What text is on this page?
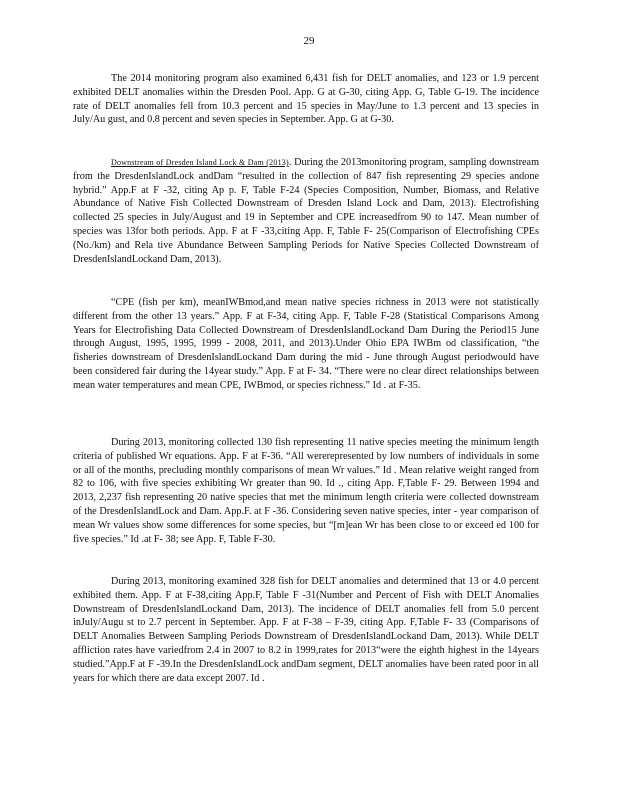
29

The 2014 monitoring program also examined 6,431 fish for DELT anomalies, and 123 or 1.9 percent exhibited DELT anomalies within the Dresden Pool. App. G at G-30, citing App. G, Table G-19. The incidence rate of DELT anomalies fell from 10.3 percent and 15 species in May/June to 1.3 percent and 13 species in July/Au gust, and 0.8 percent and seven species in September. App. G at G-30.

Downstream of Dresden Island Lock & Dam (2013). During the 2013monitoring program, sampling downstream from the DresdenIslandLock andDam “resulted in the collection of 847 fish representing 29 species andone hybrid.” App.F at F -32, citing Ap p. F, Table F-24 (Species Composition, Number, Biomass, and Relative Abundance of Native Fish Collected Downstream of Dresden Island Lock and Dam, 2013). Electrofishing collected 25 species in July/August and 19 in September and CPE increasedfrom 90 to 147. Mean number of species was 13for both periods. App. F at F -33,citing App. F, Table F- 25(Comparison of Electrofishing CPEs (No./km) and Rela tive Abundance Between Sampling Periods for Native Species Collected Downstream of DresdenIslandLockand Dam, 2013).

“CPE (fish per km), meanIWBmod,and mean native species richness in 2013 were not statistically different from the other 13 years.” App. F at F-34, citing App. F, Table F-28 (Statistical Comparisons Among Years for Electrofishing Data Collected Downstream of DresdenIslandLockand Dam During the Period15 June through August, 1995, 1995, 1999 - 2008, 2011, and 2013).Under Ohio EPA IWBm od classification, “the fisheries downstream of DresdenIslandLockand Dam during the mid - June through August periodwould have been considered fair during the 14year study.” App. F at F- 34. “There were no clear direct relationships between mean water temperatures and mean CPE, IWBmod, or species richness.” Id . at F-35.

During 2013, monitoring collected 130 fish representing 11 native species meeting the minimum length criteria of published Wr equations. App. F at F-36. “All wererepresented by low numbers of individuals in some or all of the months, precluding monthly comparisons of mean Wr values.” Id . Mean relative weight ranged from 82 to 106, with five species exhibiting Wr greater than 90. Id ., citing App. F,Table F- 29. Between 1994 and 2013, 2,237 fish representing 20 native species that met the minimum length criteria were collected downstream of the DresdenIslandLock and Dam. App.F. at F -36. Considering seven native species, inter - year comparison of mean Wr values show some differences for some species, but “[m]ean Wr has been close to or exceed ed 100 for five species.” Id .at F- 38; see App. F, Table F-30.

During 2013, monitoring examined 328 fish for DELT anomalies and determined that 13 or 4.0 percent exhibited them. App. F at F-38,citing App.F, Table F -31(Number and Percent of Fish with DELT Anomalies Downstream of DresdenIslandLockand Dam, 2013). The incidence of DELT anomalies fell from 5.0 percent inJuly/Augu st to 2.7 percent in September. App. F at F-38 – F-39, citing App. F,Table F- 33 (Comparisons of DELT Anomalies Between Sampling Periods Downstream of DresdenIslandLockand Dam, 2013). While DELT affliction rates have variedfrom 2.4 in 2007 to 8.2 in 1999,rates for 2013“were the eighth highest in the 14years studied.”App.F at F -39.In the DresdenIslandLock andDam segment, DELT anomalies have been rated poor in all years for which there are data except 2007. Id .
